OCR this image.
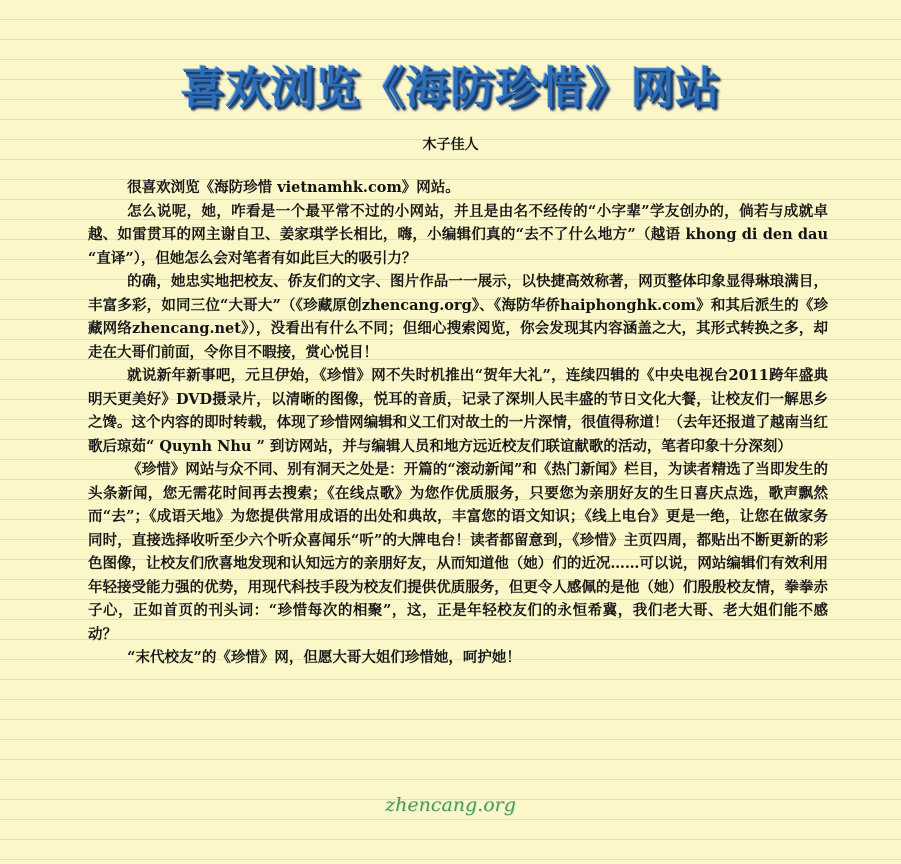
喜欢浏览《海防珍惜》网站
木子佳人

很喜欢浏览《海防珍惜 vietnamhk.com》网站。

怎么说呢，她，咋看是一个最平常不过的小网站，并且是由名不经传的“小字辈”学友创办的，倘若与成就卓越、如雷贯耳的网主谢自卫、姜家琪学长相比，嗨，小编辑们真的“去不了什么地方”（越语 khong di den dau “直译”），但她怎么会对笔者有如此巨大的吸引力？

的确，她忠实地把校友、侨友们的文字、图片作品一一展示，以快捷高效称著，网页整体印象显得琳琅满目，丰富多彩，如同三位“大哥大”（《珍藏原创zhencang.org》、《海防华侨haiphonghk.com》和其后派生的《珍藏网络zhencang.net》），没看出有什么不同；但细心搜索阅览，你会发现其内容涵盖之大，其形式转换之多，却走在大哥们前面，令你目不暇接，赏心悦目！

就说新年新事吧，元旦伊始，《珍惜》网不失时机推出“贺年大礼”，连续四辑的《中央电视台2011跨年盛典 明天更美好》DVD摄录片，以清晰的图像，悦耳的音质，记录了深圳人民丰盛的节日文化大餐，让校友们一解思乡之馋。这个内容的即时转载，体现了珍惜网编辑和义工们对故土的一片深情，很值得称道！（去年还报道了越南当红歌后琼茹“ Quynh Nhu ” 到访网站，并与编辑人员和地方远近校友们联谊献歌的活动，笔者印象十分深刻）

《珍惜》网站与众不同、别有洞天之处是：开篇的“滚动新闻”和《热门新闻》栏目，为读者精选了当即发生的头条新闻，您无需花时间再去搜索；《在线点歌》为您作优质服务，只要您为亲朋好友的生日喜庆点选，歌声飘然而“去”；《成语天地》为您提供常用成语的出处和典故，丰富您的语文知识；《线上电台》更是一绝，让您在做家务同时，直接选择收听至少六个听众喜闻乐“听”的大牌电台！读者都留意到，《珍惜》主页四周，都贴出不断更新的彩色图像，让校友们欣喜地发现和认知远方的亲朋好友，从而知道他（她）们的近况……可以说，网站编辑们有效利用年轻接受能力强的优势，用现代科技手段为校友们提供优质服务，但更令人感佩的是他（她）们殷殷校友情，拳拳赤子心，正如首页的刊头词：“珍惜每次的相聚”，这，正是年轻校友们的永恒希冀，我们老大哥、老大姐们能不感动？

“末代校友”的《珍惜》网，但愿大哥大姐们珍惜她，呵护她！

zhencang.org
